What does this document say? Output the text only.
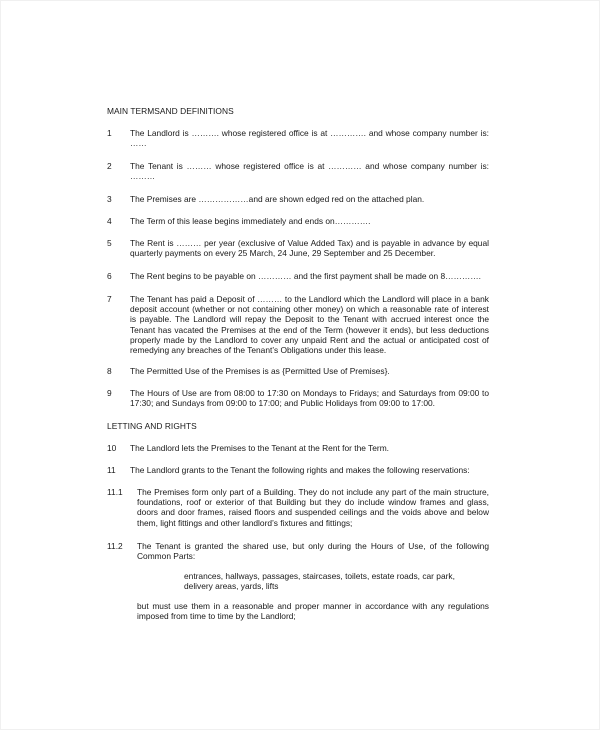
MAIN TERMSAND DEFINITIONS
1 The Landlord is ………. whose registered office is at …………. and whose company number is: ……
2 The Tenant is ……… whose registered office is at ………… and whose company number is: ………
3 The Premises are ………………and are shown edged red on the attached plan.
4 The Term of this lease begins immediately and ends on………….
5 The Rent is ……… per year (exclusive of Value Added Tax) and is payable in advance by equal quarterly payments on every 25 March, 24 June, 29 September and 25 December.
6 The Rent begins to be payable on ………… and the first payment shall be made on 8………….
7 The Tenant has paid a Deposit of ……… to the Landlord which the Landlord will place in a bank deposit account (whether or not containing other money) on which a reasonable rate of interest is payable. The Landlord will repay the Deposit to the Tenant with accrued interest once the Tenant has vacated the Premises at the end of the Term (however it ends), but less deductions properly made by the Landlord to cover any unpaid Rent and the actual or anticipated cost of remedying any breaches of the Tenant’s Obligations under this lease.
8 The Permitted Use of the Premises is as {Permitted Use of Premises}.
9 The Hours of Use are from 08:00 to 17:30 on Mondays to Fridays; and Saturdays from 09:00 to 17:30; and Sundays from 09:00 to 17:00; and Public Holidays from 09:00 to 17:00.
LETTING AND RIGHTS
10 The Landlord lets the Premises to the Tenant at the Rent for the Term.
11 The Landlord grants to the Tenant the following rights and makes the following reservations:
11.1 The Premises form only part of a Building. They do not include any part of the main structure, foundations, roof or exterior of that Building but they do include window frames and glass, doors and door frames, raised floors and suspended ceilings and the voids above and below them, light fittings and other landlord’s fixtures and fittings;
11.2 The Tenant is granted the shared use, but only during the Hours of Use, of the following Common Parts:
entrances, hallways, passages, staircases, toilets, estate roads, car park, delivery areas, yards, lifts
but must use them in a reasonable and proper manner in accordance with any regulations imposed from time to time by the Landlord;
